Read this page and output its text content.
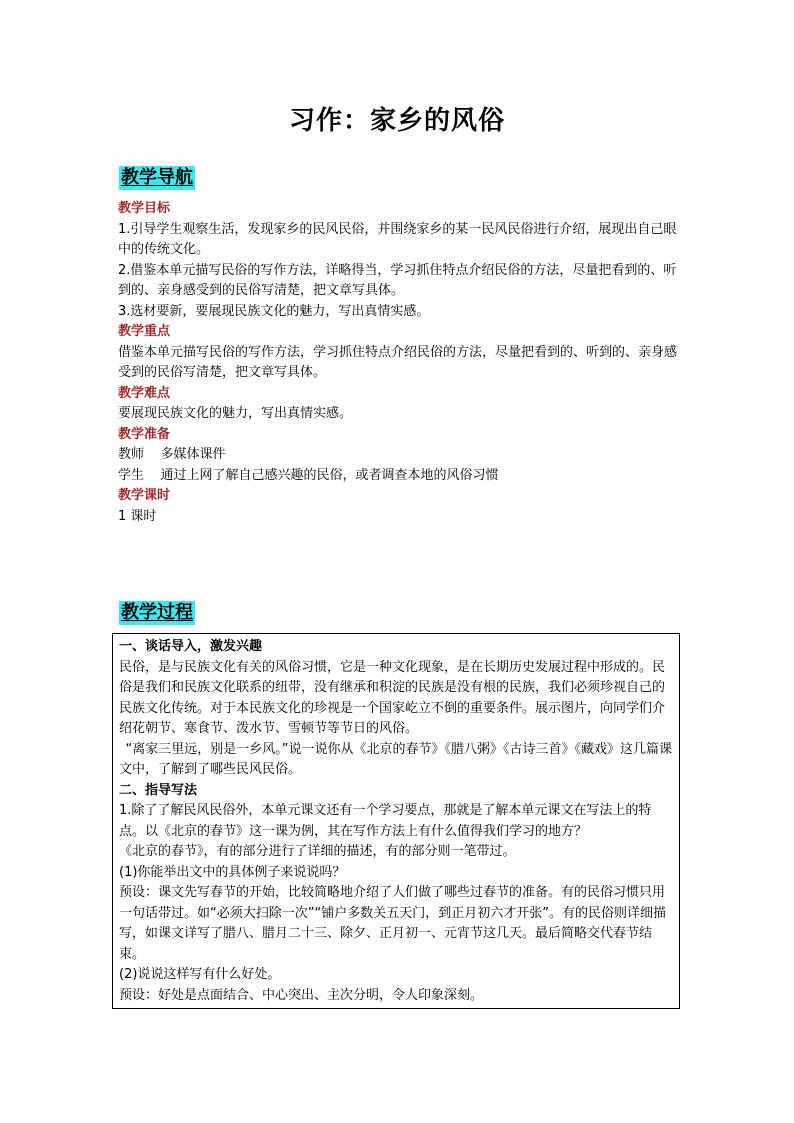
习作：家乡的风俗
教学导航
教学目标

1.引导学生观察生活，发现家乡的民风民俗，并围绕家乡的某一民风民俗进行介绍，展现出自己眼中的传统文化。

2.借鉴本单元描写民俗的写作方法，详略得当，学习抓住特点介绍民俗的方法，尽量把看到的、听到的、亲身感受到的民俗写清楚，把文章写具体。

3.选材要新，要展现民族文化的魅力，写出真情实感。

教学重点

借鉴本单元描写民俗的写作方法，学习抓住特点介绍民俗的方法，尽量把看到的、听到的、亲身感受到的民俗写清楚，把文章写具体。

教学难点

要展现民族文化的魅力，写出真情实感。

教学准备

教师    多媒体课件

学生    通过上网了解自己感兴趣的民俗，或者调查本地的风俗习惯

教学课时

1 课时

教学过程

一、谈话导入，激发兴趣

民俗，是与民族文化有关的风俗习惯，它是一种文化现象，是在长期历史发展过程中形成的。民俗是我们和民族文化联系的纽带，没有继承和积淀的民族是没有根的民族，我们必须珍视自己的民族文化传统。对于本民族文化的珍视是一个国家屹立不倒的重要条件。展示图片，向同学们介绍花朝节、寒食节、泼水节、雪顿节等节日的风俗。

“离家三里远，别是一乡风。”说一说你从《北京的春节》《腊八粥》《古诗三首》《藏戏》这几篇课文中，了解到了哪些民风民俗。

二、指导写法

1.除了了解民风民俗外，本单元课文还有一个学习要点，那就是了解本单元课文在写法上的特点。以《北京的春节》这一课为例，其在写作方法上有什么值得我们学习的地方？

《北京的春节》，有的部分进行了详细的描述，有的部分则一笔带过。

(1)你能举出文中的具体例子来说说吗？

预设：课文先写春节的开始，比较简略地介绍了人们做了哪些过春节的准备。有的民俗习惯只用一句话带过。如“必须大扫除一次”“铺户多数关五天门，到正月初六才开张”。有的民俗则详细描写，如课文详写了腊八、腊月二十三、除夕、正月初一、元宵节这几天。最后简略交代春节结束。

(2)说说这样写有什么好处。

预设：好处是点面结合、中心突出、主次分明，令人印象深刻。
